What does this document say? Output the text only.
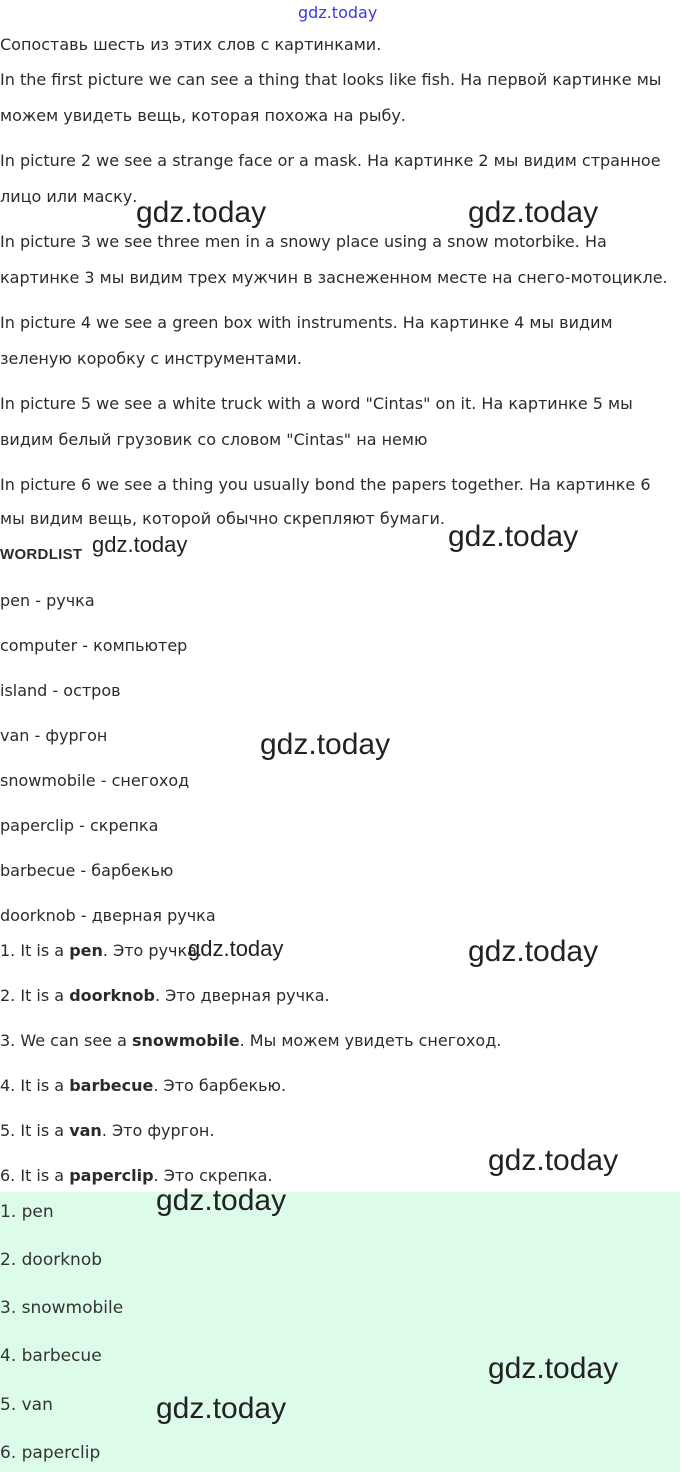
gdz.today
Сопоставь шесть из этих слов с картинками.
In the first picture we can see a thing that looks like fish. На первой картинке мы
можем увидеть вещь, которая похожа на рыбу.
In picture 2 we see a strange face or a mask. На картинке 2 мы видим странное
лицо или маску.
In picture 3 we see three men in a snowy place using a snow motorbike. На
картинке 3 мы видим трех мужчин в заснеженном месте на снего-мотоцикле.
In picture 4 we see a green box with instruments. На картинке 4 мы видим
зеленую коробку с инструментами.
In picture 5 we see a white truck with a word "Cintas" on it. На картинке 5 мы
видим белый грузовик со словом "Cintas" на немю
In picture 6 we see a thing you usually bond the papers together. На картинке 6
мы видим вещь, которой обычно скрепляют бумаги.
WORDLIST
pen - ручка
computer - компьютер
island - остров
van - фургон
snowmobile - снегоход
paperclip - скрепка
barbecue - барбекью
doorknob - дверная ручка
1. It is a pen. Это ручка.
2. It is a doorknob. Это дверная ручка.
3. We can see a snowmobile. Мы можем увидеть снегоход.
4. It is a barbecue. Это барбекью.
5. It is a van. Это фургон.
6. It is a paperclip. Это скрепка.
1. pen
2. doorknob
3. snowmobile
4. barbecue
5. van
6. paperclip
gdz.today	gdz.today
gdz.today	gdz.today
gdz.today
gdz.today	gdz.today
gdz.today
gdz.today
gdz.today
gdz.today
